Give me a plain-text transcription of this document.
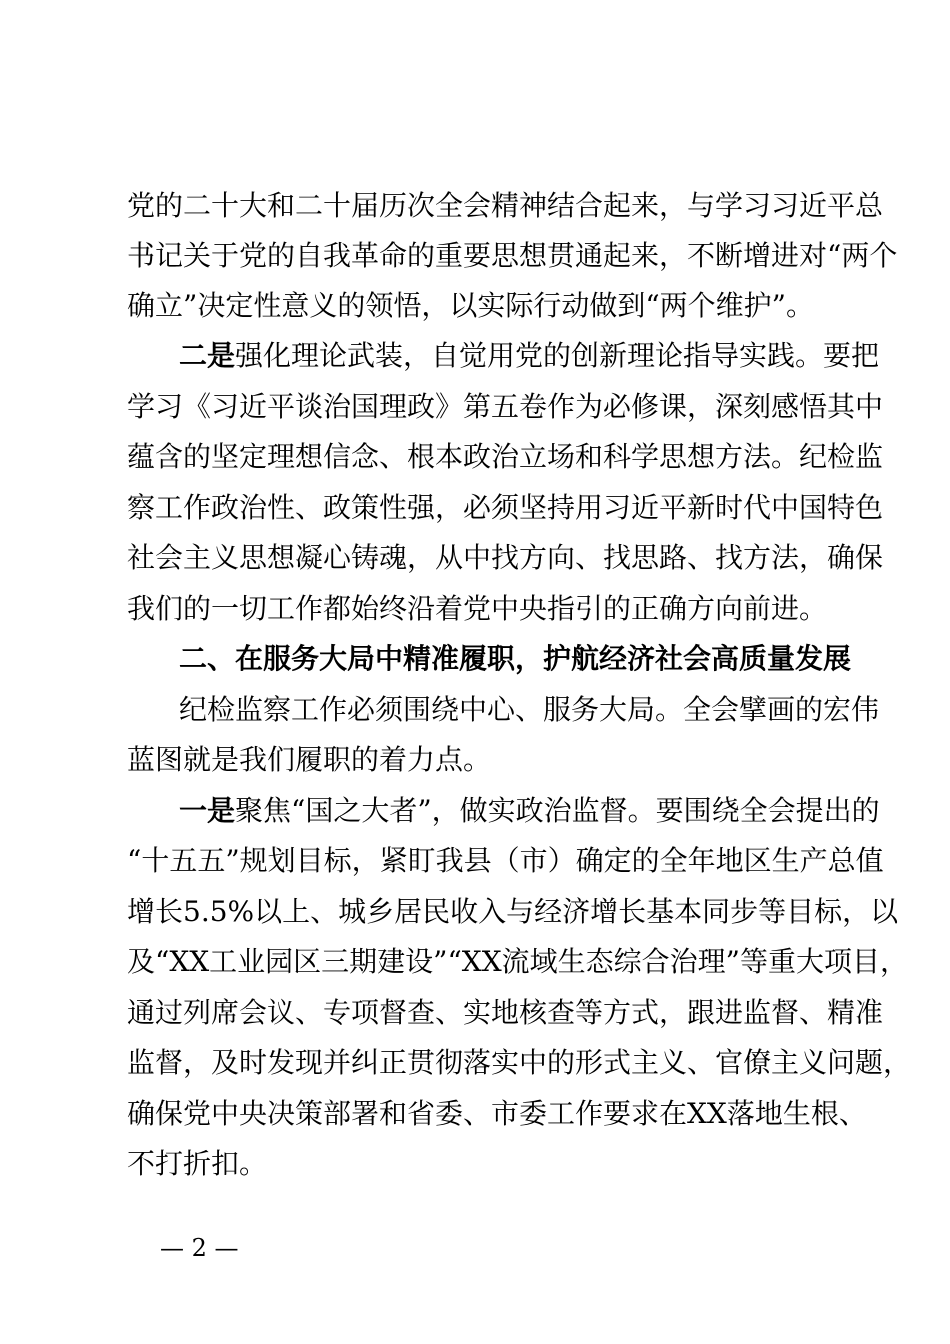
党的二十大和二十届历次全会精神结合起来，与学习习近平总
书记关于党的自我革命的重要思想贯通起来，不断增进对“两个
确立”决定性意义的领悟，以实际行动做到“两个维护”。
二是强化理论武装，自觉用党的创新理论指导实践。要把
学习《习近平谈治国理政》第五卷作为必修课，深刻感悟其中
蕴含的坚定理想信念、根本政治立场和科学思想方法。纪检监
察工作政治性、政策性强，必须坚持用习近平新时代中国特色
社会主义思想凝心铸魂，从中找方向、找思路、找方法，确保
我们的一切工作都始终沿着党中央指引的正确方向前进。
二、在服务大局中精准履职，护航经济社会高质量发展
纪检监察工作必须围绕中心、服务大局。全会擘画的宏伟
蓝图就是我们履职的着力点。
一是聚焦“国之大者”，做实政治监督。要围绕全会提出的
“十五五”规划目标，紧盯我县（市）确定的全年地区生产总值
增长5.5%以上、城乡居民收入与经济增长基本同步等目标，以
及“XX工业园区三期建设”“XX流域生态综合治理”等重大项目，
通过列席会议、专项督查、实地核查等方式，跟进监督、精准
监督，及时发现并纠正贯彻落实中的形式主义、官僚主义问题，
确保党中央决策部署和省委、市委工作要求在XX落地生根、
不打折扣。
— 2 —
